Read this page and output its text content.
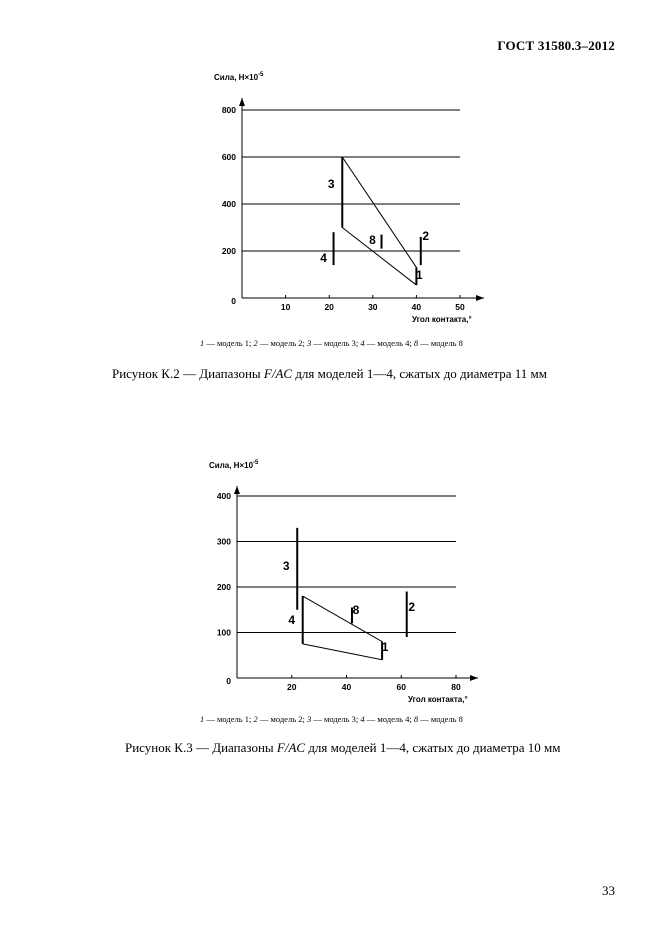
ГОСТ 31580.3–2012
0
200
400
600
800
10	20	30	40	50
Сила, $Н\times 10^{-5}$
Угол контакта,°
4
8	2
1
3
1 — модель 1; 2 — модель 2; 3 — модель 3; 4 — модель 4; 8 — модель 8
Рисунок К.2 — Диапазоны F/AC для моделей 1—4, сжатых до диаметра 11 мм
0
100
200
300
400
20	40	60	80
Сила, $Н\times 10^{-5}$
Угол контакта,°
3
8	2
1
4
1 — модель 1; 2 — модель 2; 3 — модель 3; 4 — модель 4; 8 — модель 8
Рисунок К.3 — Диапазоны F/AC для моделей 1—4, сжатых до диаметра 10 мм
33
